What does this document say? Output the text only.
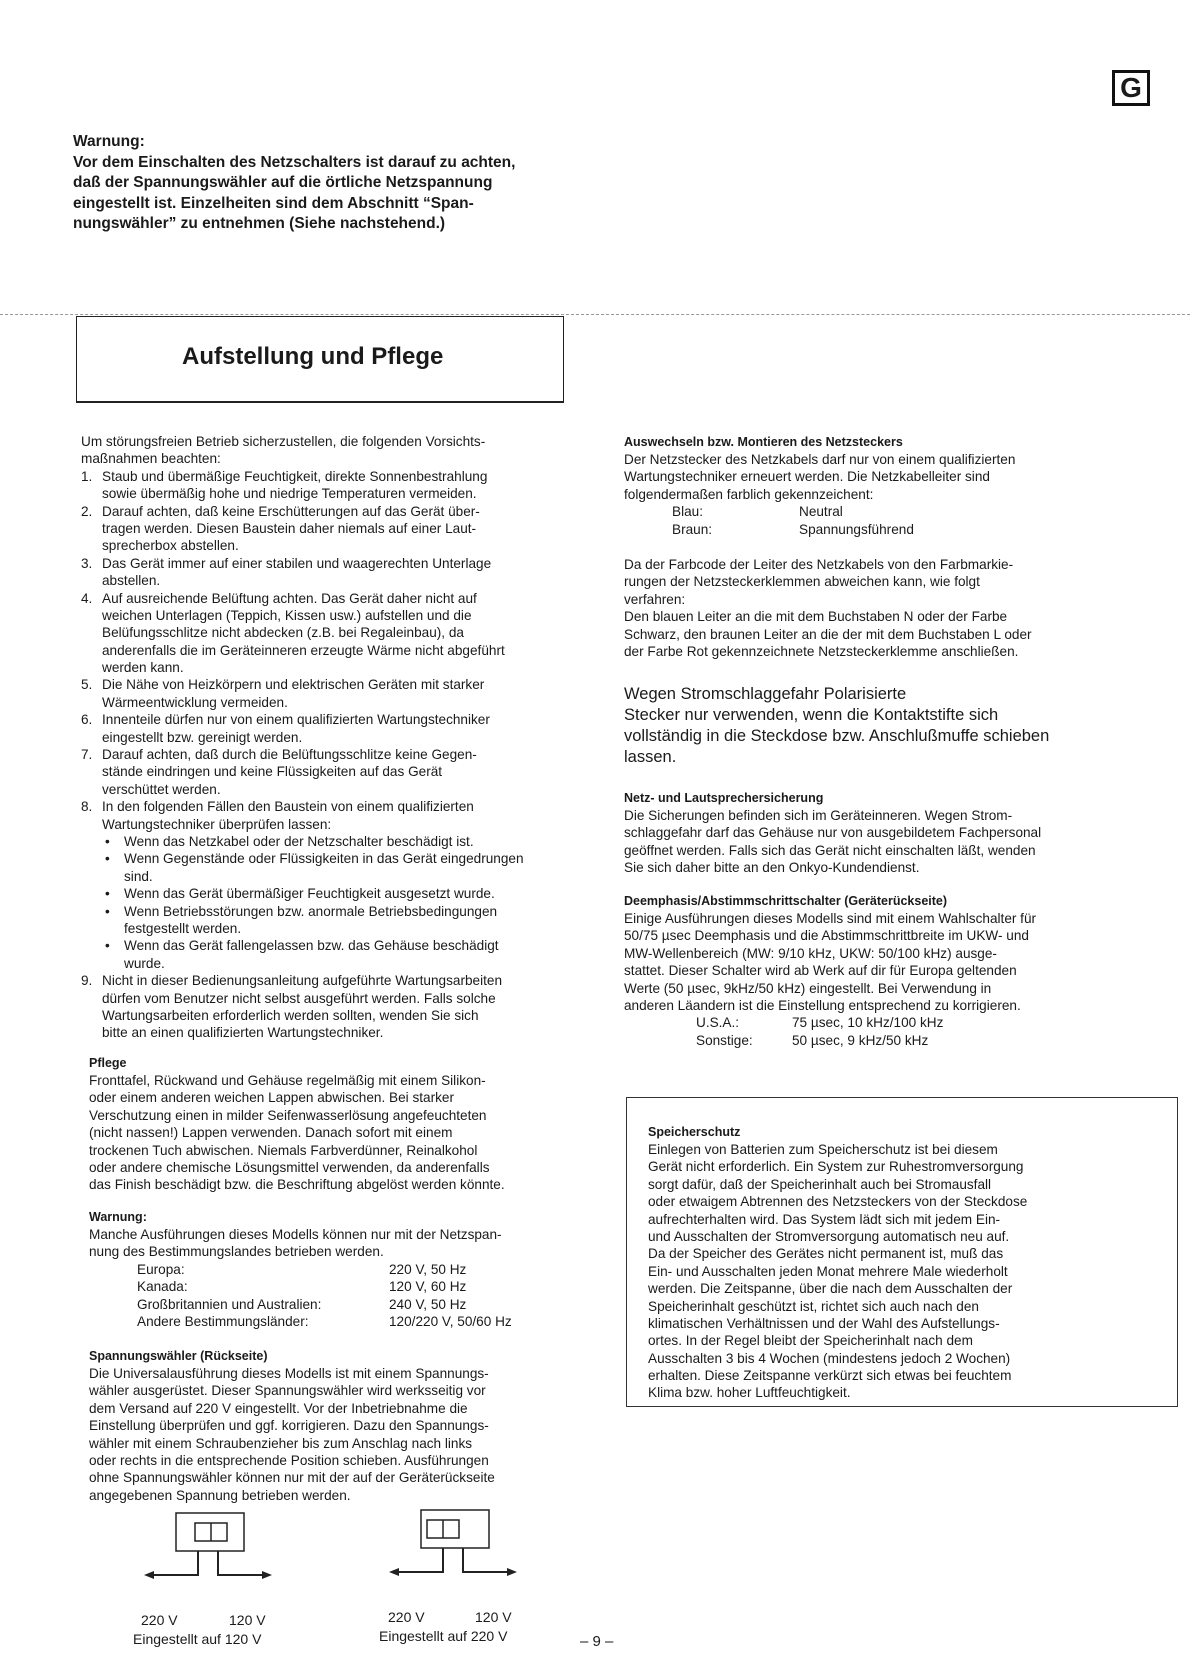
G
Warnung:
Vor dem Einschalten des Netzschalters ist darauf zu achten,
daß der Spannungswähler auf die örtliche Netzspannung
eingestellt ist. Einzelheiten sind dem Abschnitt “Span-
nungswähler” zu entnehmen (Siehe nachstehend.)
Aufstellung und Pflege
Um störungsfreien Betrieb sicherzustellen, die folgenden Vorsichts-
maßnahmen beachten:
1. Staub und übermäßige Feuchtigkeit, direkte Sonnenbestrahlung
sowie übermäßig hohe und niedrige Temperaturen vermeiden.
2. Darauf achten, daß keine Erschütterungen auf das Gerät über-
tragen werden. Diesen Baustein daher niemals auf einer Laut-
sprecherbox abstellen.
3. Das Gerät immer auf einer stabilen und waagerechten Unterlage
abstellen.
4. Auf ausreichende Belüftung achten. Das Gerät daher nicht auf
weichen Unterlagen (Teppich, Kissen usw.) aufstellen und die
Belüfungsschlitze nicht abdecken (z.B. bei Regaleinbau), da
anderenfalls die im Geräteinneren erzeugte Wärme nicht abgeführt
werden kann.
5. Die Nähe von Heizkörpern und elektrischen Geräten mit starker
Wärmeentwicklung vermeiden.
6. Innenteile dürfen nur von einem qualifizierten Wartungstechniker
eingestellt bzw. gereinigt werden.
7. Darauf achten, daß durch die Belüftungsschlitze keine Gegen-
stände eindringen und keine Flüssigkeiten auf das Gerät
verschüttet werden.
8. In den folgenden Fällen den Baustein von einem qualifizierten
Wartungstechniker überprüfen lassen:
• Wenn das Netzkabel oder der Netzschalter beschädigt ist.
• Wenn Gegenstände oder Flüssigkeiten in das Gerät eingedrungen
sind.
• Wenn das Gerät übermäßiger Feuchtigkeit ausgesetzt wurde.
• Wenn Betriebsstörungen bzw. anormale Betriebsbedingungen
festgestellt werden.
• Wenn das Gerät fallengelassen bzw. das Gehäuse beschädigt
wurde.
9. Nicht in dieser Bedienungsanleitung aufgeführte Wartungsarbeiten
dürfen vom Benutzer nicht selbst ausgeführt werden. Falls solche
Wartungsarbeiten erforderlich werden sollten, wenden Sie sich
bitte an einen qualifizierten Wartungstechniker.
Pflege
Fronttafel, Rückwand und Gehäuse regelmäßig mit einem Silikon-
oder einem anderen weichen Lappen abwischen. Bei starker
Verschutzung einen in milder Seifenwasserlösung angefeuchteten
(nicht nassen!) Lappen verwenden. Danach sofort mit einem
trockenen Tuch abwischen. Niemals Farbverdünner, Reinalkohol
oder andere chemische Lösungsmittel verwenden, da anderenfalls
das Finish beschädigt bzw. die Beschriftung abgelöst werden könnte.
Warnung:
Manche Ausführungen dieses Modells können nur mit der Netzspan-
nung des Bestimmungslandes betrieben werden.
Europa:	220 V, 50 Hz
Kanada:	120 V, 60 Hz
Großbritannien und Australien:	240 V, 50 Hz
Andere Bestimmungsländer:	120/220 V, 50/60 Hz
Spannungswähler (Rückseite)
Die Universalausführung dieses Modells ist mit einem Spannungs-
wähler ausgerüstet. Dieser Spannungswähler wird werksseitig vor
dem Versand auf 220 V eingestellt. Vor der Inbetriebnahme die
Einstellung überprüfen und ggf. korrigieren. Dazu den Spannungs-
wähler mit einem Schraubenzieher bis zum Anschlag nach links
oder rechts in die entsprechende Position schieben. Ausführungen
ohne Spannungswähler können nur mit der auf der Geräterückseite
angegebenen Spannung betrieben werden.
220 V	120 V
Eingestellt auf 120 V
220 V	120 V
Eingestellt auf 220 V
Auswechseln bzw. Montieren des Netzsteckers
Der Netzstecker des Netzkabels darf nur von einem qualifizierten
Wartungstechniker erneuert werden. Die Netzkabelleiter sind
folgendermaßen farblich gekennzeichent:
Blau:	Neutral
Braun:	Spannungsführend
Da der Farbcode der Leiter des Netzkabels von den Farbmarkie-
rungen der Netzsteckerklemmen abweichen kann, wie folgt
verfahren:
Den blauen Leiter an die mit dem Buchstaben N oder der Farbe
Schwarz, den braunen Leiter an die der mit dem Buchstaben L oder
der Farbe Rot gekennzeichnete Netzsteckerklemme anschließen.
Wegen Stromschlaggefahr Polarisierte
Stecker nur verwenden, wenn die Kontaktstifte sich
vollständig in die Steckdose bzw. Anschlußmuffe schieben
lassen.
Netz- und Lautsprechersicherung
Die Sicherungen befinden sich im Geräteinneren. Wegen Strom-
schlaggefahr darf das Gehäuse nur von ausgebildetem Fachpersonal
geöffnet werden. Falls sich das Gerät nicht einschalten läßt, wenden
Sie sich daher bitte an den Onkyo-Kundendienst.
Deemphasis/Abstimmschrittschalter (Geräterückseite)
Einige Ausführungen dieses Modells sind mit einem Wahlschalter für
50/75 µsec Deemphasis und die Abstimmschrittbreite im UKW- und
MW-Wellenbereich (MW: 9/10 kHz, UKW: 50/100 kHz) ausge-
stattet. Dieser Schalter wird ab Werk auf dir für Europa geltenden
Werte (50 µsec, 9kHz/50 kHz) eingestellt. Bei Verwendung in
anderen Läandern ist die Einstellung entsprechend zu korrigieren.
U.S.A.:	75 µsec, 10 kHz/100 kHz
Sonstige:	50 µsec, 9 kHz/50 kHz
Speicherschutz
Einlegen von Batterien zum Speicherschutz ist bei diesem
Gerät nicht erforderlich. Ein System zur Ruhestromversorgung
sorgt dafür, daß der Speicherinhalt auch bei Stromausfall
oder etwaigem Abtrennen des Netzsteckers von der Steckdose
aufrechterhalten wird. Das System lädt sich mit jedem Ein-
und Ausschalten der Stromversorgung automatisch neu auf.
Da der Speicher des Gerätes nicht permanent ist, muß das
Ein- und Ausschalten jeden Monat mehrere Male wiederholt
werden. Die Zeitspanne, über die nach dem Ausschalten der
Speicherinhalt geschützt ist, richtet sich auch nach den
klimatischen Verhältnissen und der Wahl des Aufstellungs-
ortes. In der Regel bleibt der Speicherinhalt nach dem
Ausschalten 3 bis 4 Wochen (mindestens jedoch 2 Wochen)
erhalten. Diese Zeitspanne verkürzt sich etwas bei feuchtem
Klima bzw. hoher Luftfeuchtigkeit.
– 9 –
